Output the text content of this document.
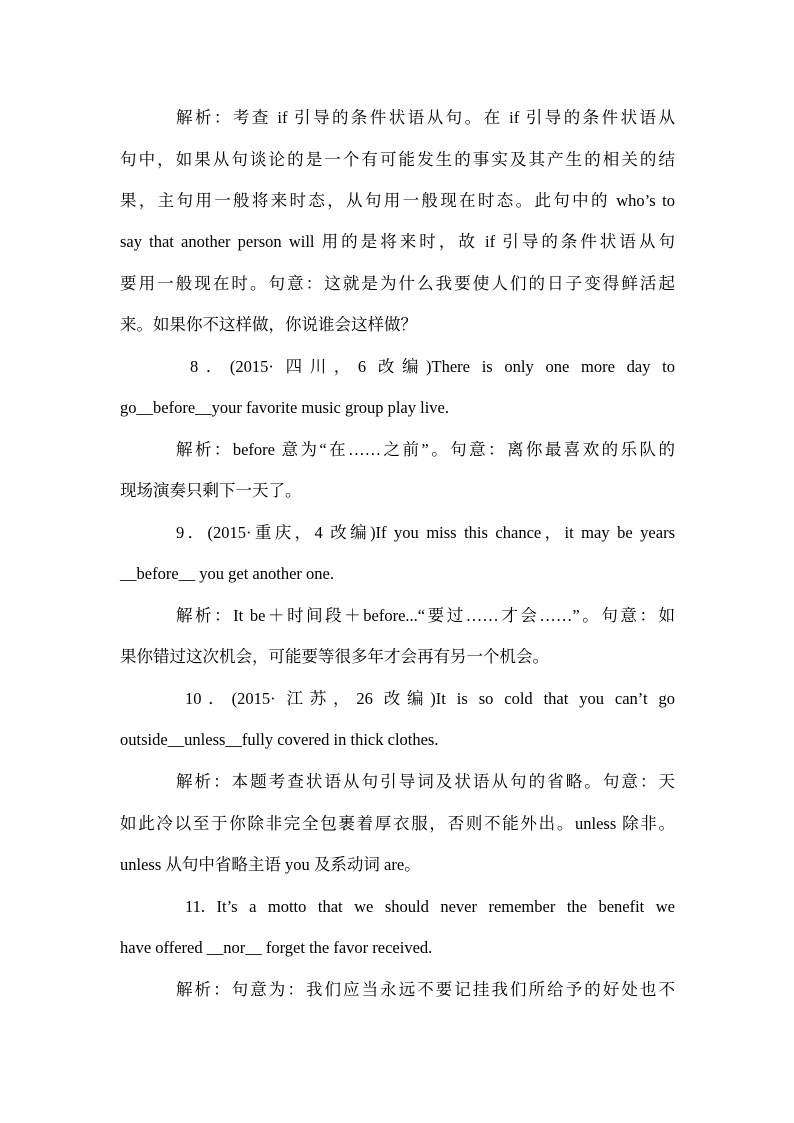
解析：考查 if 引导的条件状语从句。在 if 引导的条件状语从
句中，如果从句谈论的是一个有可能发生的事实及其产生的相关的结
果，主句用一般将来时态，从句用一般现在时态。此句中的 who’s to
say that another person will 用的是将来时，故 if 引导的条件状语从句
要用一般现在时。句意：这就是为什么我要使人们的日子变得鲜活起
来。如果你不这样做，你说谁会这样做？
8．(2015· 四川，6 改编)There is only one more day to
go__before__your favorite music group play live.
解析：before 意为“在……之前”。句意：离你最喜欢的乐队的
现场演奏只剩下一天了。
9．(2015·重庆，4 改编)If you miss this chance，it may be years
__before__ you get another one.
解析：It be＋时间段＋before...“要过……才会……”。句意：如
果你错过这次机会，可能要等很多年才会再有另一个机会。
10．(2015· 江苏，26 改编)It is so cold that you can’t go
outside__unless__fully covered in thick clothes.
解析：本题考查状语从句引导词及状语从句的省略。句意：天
如此冷以至于你除非完全包裹着厚衣服，否则不能外出。unless 除非。
unless 从句中省略主语 you 及系动词 are。
11. It’s a motto that we should never remember the benefit we
have offered __nor__ forget the favor received.
解析：句意为：我们应当永远不要记挂我们所给予的好处也不
